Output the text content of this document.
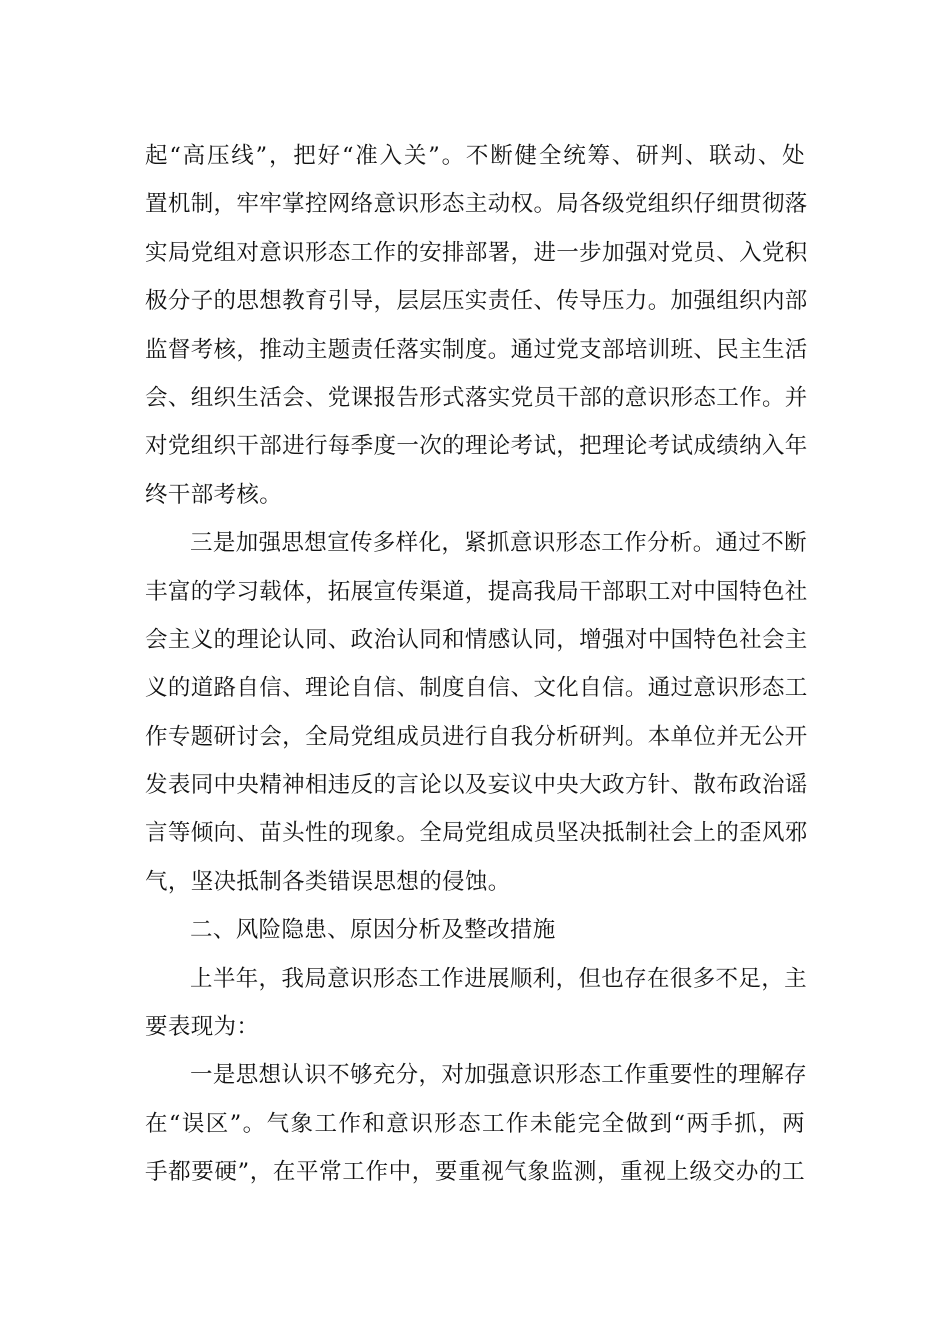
起“高压线”，把好“准入关”。不断健全统筹、研判、联动、处
置机制，牢牢掌控网络意识形态主动权。局各级党组织仔细贯彻落
实局党组对意识形态工作的安排部署，进一步加强对党员、入党积
极分子的思想教育引导，层层压实责任、传导压力。加强组织内部
监督考核，推动主题责任落实制度。通过党支部培训班、民主生活
会、组织生活会、党课报告形式落实党员干部的意识形态工作。并
对党组织干部进行每季度一次的理论考试，把理论考试成绩纳入年
终干部考核。
三是加强思想宣传多样化，紧抓意识形态工作分析。通过不断
丰富的学习载体，拓展宣传渠道，提高我局干部职工对中国特色社
会主义的理论认同、政治认同和情感认同，增强对中国特色社会主
义的道路自信、理论自信、制度自信、文化自信。通过意识形态工
作专题研讨会，全局党组成员进行自我分析研判。本单位并无公开
发表同中央精神相违反的言论以及妄议中央大政方针、散布政治谣
言等倾向、苗头性的现象。全局党组成员坚决抵制社会上的歪风邪
气，坚决抵制各类错误思想的侵蚀。
二、风险隐患、原因分析及整改措施
上半年，我局意识形态工作进展顺利，但也存在很多不足，主
要表现为：
一是思想认识不够充分，对加强意识形态工作重要性的理解存
在“误区”。气象工作和意识形态工作未能完全做到“两手抓，两
手都要硬”，在平常工作中，要重视气象监测，重视上级交办的工
